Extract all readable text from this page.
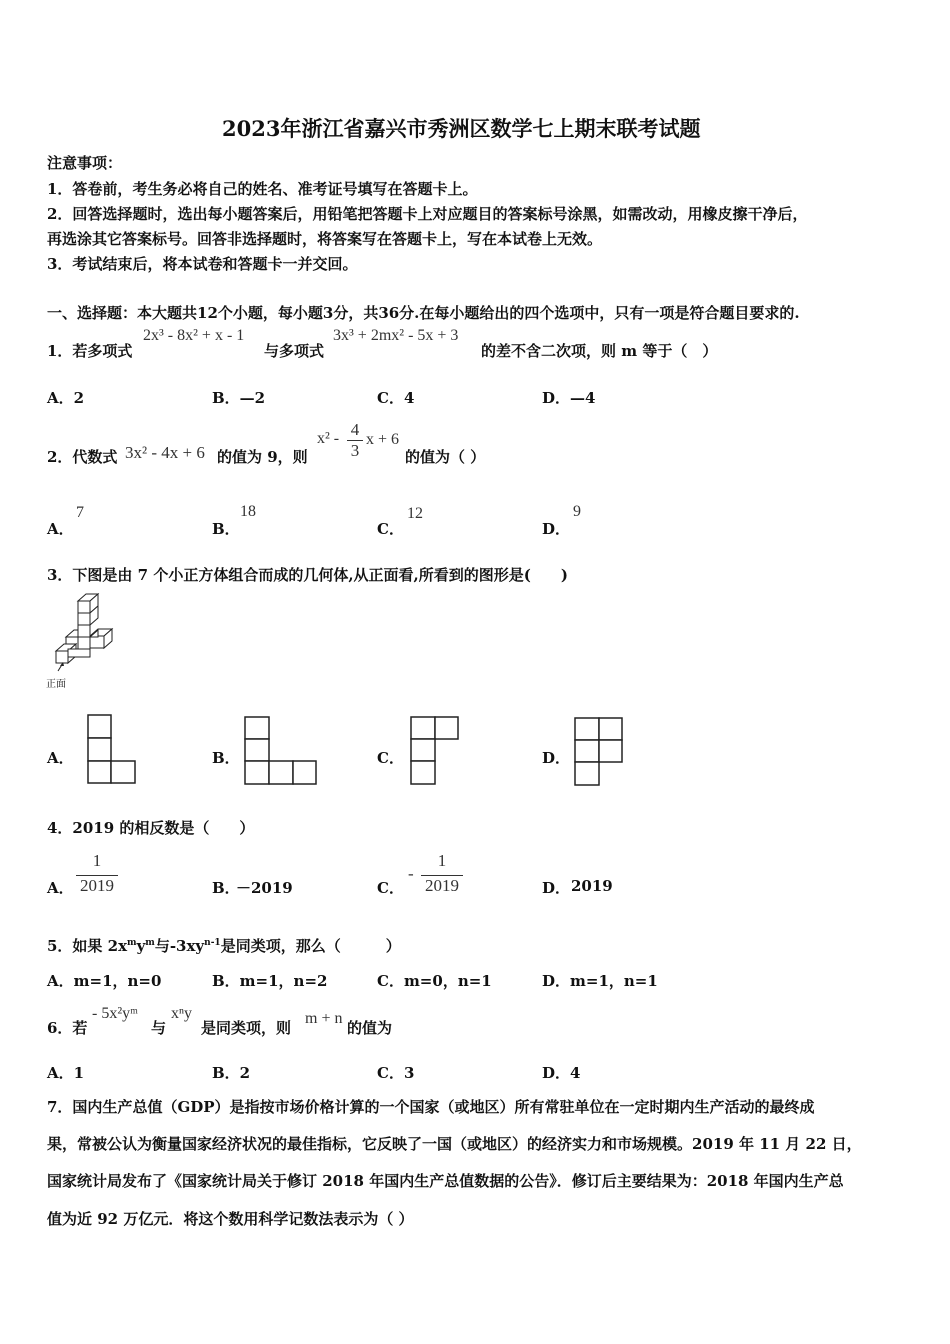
2023年浙江省嘉兴市秀洲区数学七上期末联考试题
注意事项：
1．答卷前，考生务必将自己的姓名、准考证号填写在答题卡上。
2．回答选择题时，选出每小题答案后，用铅笔把答题卡上对应题目的答案标号涂黑，如需改动，用橡皮擦干净后，
再选涂其它答案标号。回答非选择题时，将答案写在答题卡上，写在本试卷上无效。
3．考试结束后，将本试卷和答题卡一并交回。
一、选择题：本大题共12个小题，每小题3分，共36分.在每小题给出的四个选项中，只有一项是符合题目要求的.
1．若多项式
2x³ - 8x² + x - 1
与多项式
3x³ + 2mx² - 5x + 3
的差不含二次项，则 m 等于（　）
A．2	B．—2	C．4	D．—4
2．代数式 3x² - 4x + 6 的值为 9，则
x² - 4
3
x + 6
的值为（ ）
A．
7
B．
18
C．
12
D．
9
3．下图是由 7 个小正方体组合而成的几何体,从正面看,所看到的图形是(　　)
正面
A．	B．	C．	D．
4．2019 的相反数是（　　）
A．
1
2019	B．
－2019	C．
-
1
2019	D． 2019
5．如果 $2x^my^m$与$-3xy^{n-1}$是同类项，那么（　　　）
A．m=1，n=0	B．m=1，n=2	C．m=0，n=1	D．m=1，n=1
6．若
- 5x²yᵐ
与
xⁿy
是同类项，则
m + n
的值为
A．1	B．2	C．3	D．4
7．国内生产总值（GDP）是指按市场价格计算的一个国家（或地区）所有常驻单位在一定时期内生产活动的最终成
果，常被公认为衡量国家经济状况的最佳指标，它反映了一国（或地区）的经济实力和市场规模。2019 年 11 月 22 日，
国家统计局发布了《国家统计局关于修订 2018 年国内生产总值数据的公告》．修订后主要结果为：2018 年国内生产总
值为近 92 万亿元．将这个数用科学记数法表示为（ ）
